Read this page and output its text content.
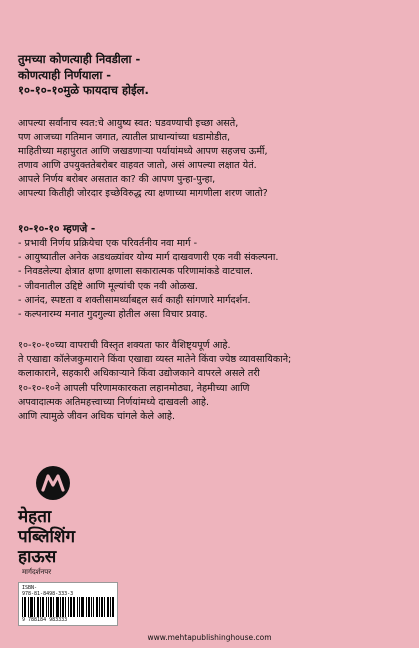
तुमच्या कोणत्याही निवडीला -
कोणत्याही निर्णयाला -
१०-१०-१०मुळे फायदाच होईल.
आपल्या सर्वांनाच स्वत:चे आयुष्य स्वत: घडवण्याची इच्छा असते,
पण आजच्या गतिमान जगात, त्यातील प्राधान्यांच्या धडामोडीत,
माहितीच्या महापुरात आणि जखडणाऱ्या पर्यायांमध्ये आपण सहजच ऊर्मी,
तणाव आणि उपयुक्ततेबरोबर वाहवत जातो, असं आपल्या लक्षात येतं.
आपले निर्णय बरोबर असतात का? की आपण पुन्हा-पुन्हा,
आपल्या कितीही जोरदार इच्छेविरुद्ध त्या क्षणाच्या मागणीला शरण जातो?
१०-१०-१० म्हणजे -
- प्रभावी निर्णय प्रक्रियेचा एक परिवर्तनीय नवा मार्ग -
- आयुष्यातील अनेक अडथळ्यांवर योग्य मार्ग दाखवणारी एक नवी संकल्पना.
- निवडलेल्या क्षेत्रात क्षणा क्षणाला सकारात्मक परिणामांकडे वाटचाल.
- जीवनातील उद्दिष्टे आणि मूल्यांची एक नवी ओळख.
- आनंद, स्पष्टता व शक्तीसामर्थ्याबद्दल सर्व काही सांगणारे मार्गदर्शन.
- कल्पनारम्य मनात गुदगुल्या होतील असा विचार प्रवाह.
१०-१०-१०च्या वापराची विस्तृत शक्यता फार वैशिष्ट्यपूर्ण आहे.
ते एखाद्या कॉलेजकुमाराने किंवा एखाद्या व्यस्त मातेने किंवा ज्येष्ठ व्यावसायिकाने;
कलाकाराने, सहकारी अधिकाऱ्याने किंवा उद्योजकाने वापरले असले तरी
१०-१०-१०ने आपली परिणामकारकता लहानमोठ्या, नेहमीच्या आणि
अपवादात्मक अतिमहत्त्वाच्या निर्णयांमध्ये दाखवली आहे.
आणि त्यामुळे जीवन अधिक चांगले केले आहे.
मेहता
पब्लिशिंग
हाऊस
मार्गदर्शनपर
ISBN-
978-81-8498-333-3
9 788184 983333
www.mehtapublishinghouse.com
